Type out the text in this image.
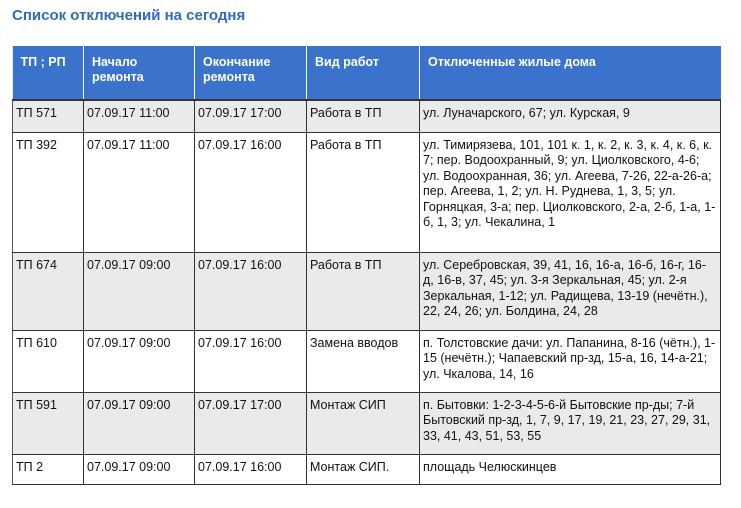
Список отключений на сегодня
ТП ; РП	Начало ремонта	Окончание ремонта	Вид работ	Отключенные жилые дома
ТП 571	07.09.17 11:00	07.09.17 17:00	Работа в ТП	ул. Луначарского, 67; ул. Курская, 9
ТП 392	07.09.17 11:00	07.09.17 16:00	Работа в ТП	ул. Тимирязева, 101, 101 к. 1, к. 2, к. 3, к. 4, к. 6, к. 7; пер. Водоохранный, 9; ул. Циолковского, 4-6; ул. Водоохранная, 36; ул. Агеева, 7-26, 22-а-26-а; пер. Агеева, 1, 2; ул. Н. Руднева, 1, 3, 5; ул. Горняцкая, 3-а; пер. Циолковского, 2-а, 2-б, 1-а, 1-б, 1, 3; ул. Чекалина, 1
ТП 674	07.09.17 09:00	07.09.17 16:00	Работа в ТП	ул. Серебровская, 39, 41, 16, 16-а, 16-б, 16-г, 16-д, 16-в, 37, 45; ул. 3-я Зеркальная, 45; ул. 2-я Зеркальная, 1-12; ул. Радищева, 13-19 (нечётн.), 22, 24, 26; ул. Болдина, 24, 28
ТП 610	07.09.17 09:00	07.09.17 16:00	Замена вводов	п. Толстовские дачи: ул. Папанина, 8-16 (чётн.), 1-15 (нечётн.); Чапаевский пр-зд, 15-а, 16, 14-а-21; ул. Чкалова, 14, 16
ТП 591	07.09.17 09:00	07.09.17 17:00	Монтаж СИП	п. Бытовки: 1-2-3-4-5-6-й Бытовские пр-ды; 7-й Бытовский пр-зд, 1, 7, 9, 17, 19, 21, 23, 27, 29, 31, 33, 41, 43, 51, 53, 55
ТП 2	07.09.17 09:00	07.09.17 16:00	Монтаж СИП.	площадь Челюскинцев
